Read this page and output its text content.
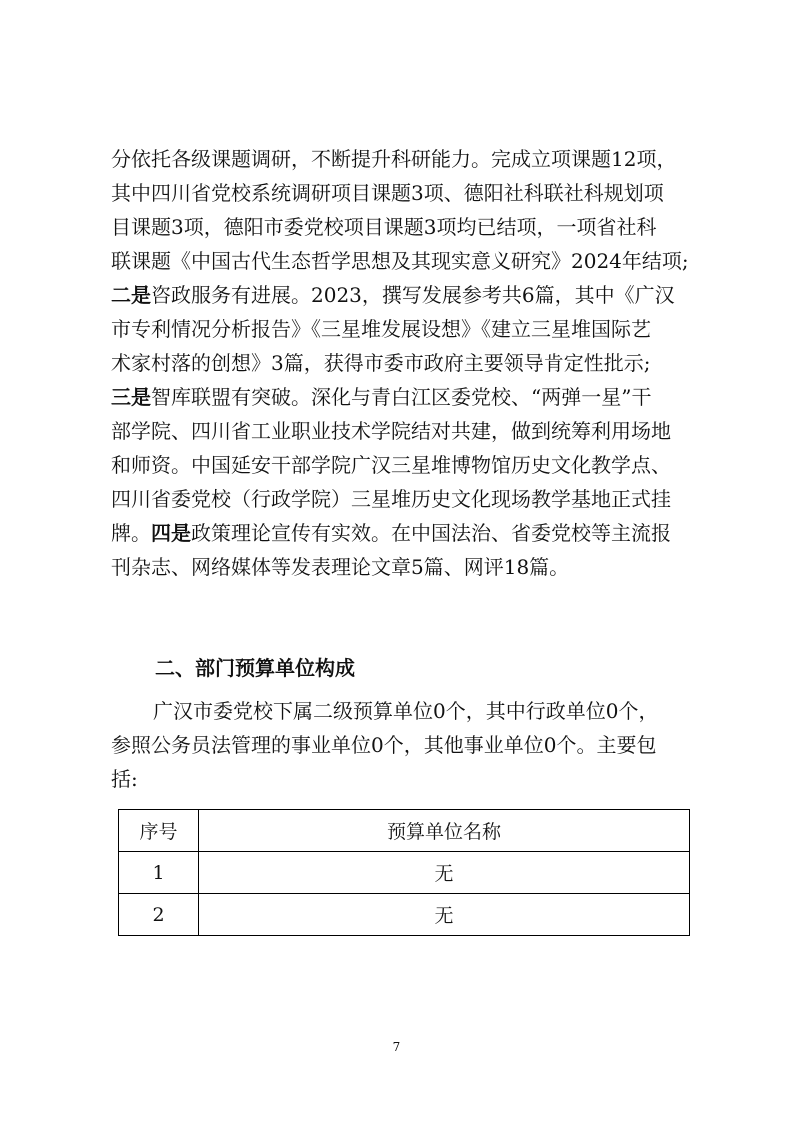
分依托各级课题调研，不断提升科研能力。完成立项课题12项，
其中四川省党校系统调研项目课题3项、德阳社科联社科规划项
目课题3项，德阳市委党校项目课题3项均已结项，一项省社科
联课题《中国古代生态哲学思想及其现实意义研究》2024年结项;
二是咨政服务有进展。2023，撰写发展参考共6篇，其中《广汉
市专利情况分析报告》《三星堆发展设想》《建立三星堆国际艺
术家村落的创想》3篇，获得市委市政府主要领导肯定性批示;
三是智库联盟有突破。深化与青白江区委党校、“两弹一星”干
部学院、四川省工业职业技术学院结对共建，做到统筹利用场地
和师资。中国延安干部学院广汉三星堆博物馆历史文化教学点、
四川省委党校（行政学院）三星堆历史文化现场教学基地正式挂
牌。四是政策理论宣传有实效。在中国法治、省委党校等主流报
刊杂志、网络媒体等发表理论文章5篇、网评18篇。

二、部门预算单位构成

广汉市委党校下属二级预算单位0个，其中行政单位0个，
参照公务员法管理的事业单位0个，其他事业单位0个。主要包
括:

序号	预算单位名称
1	无
2	无
7
